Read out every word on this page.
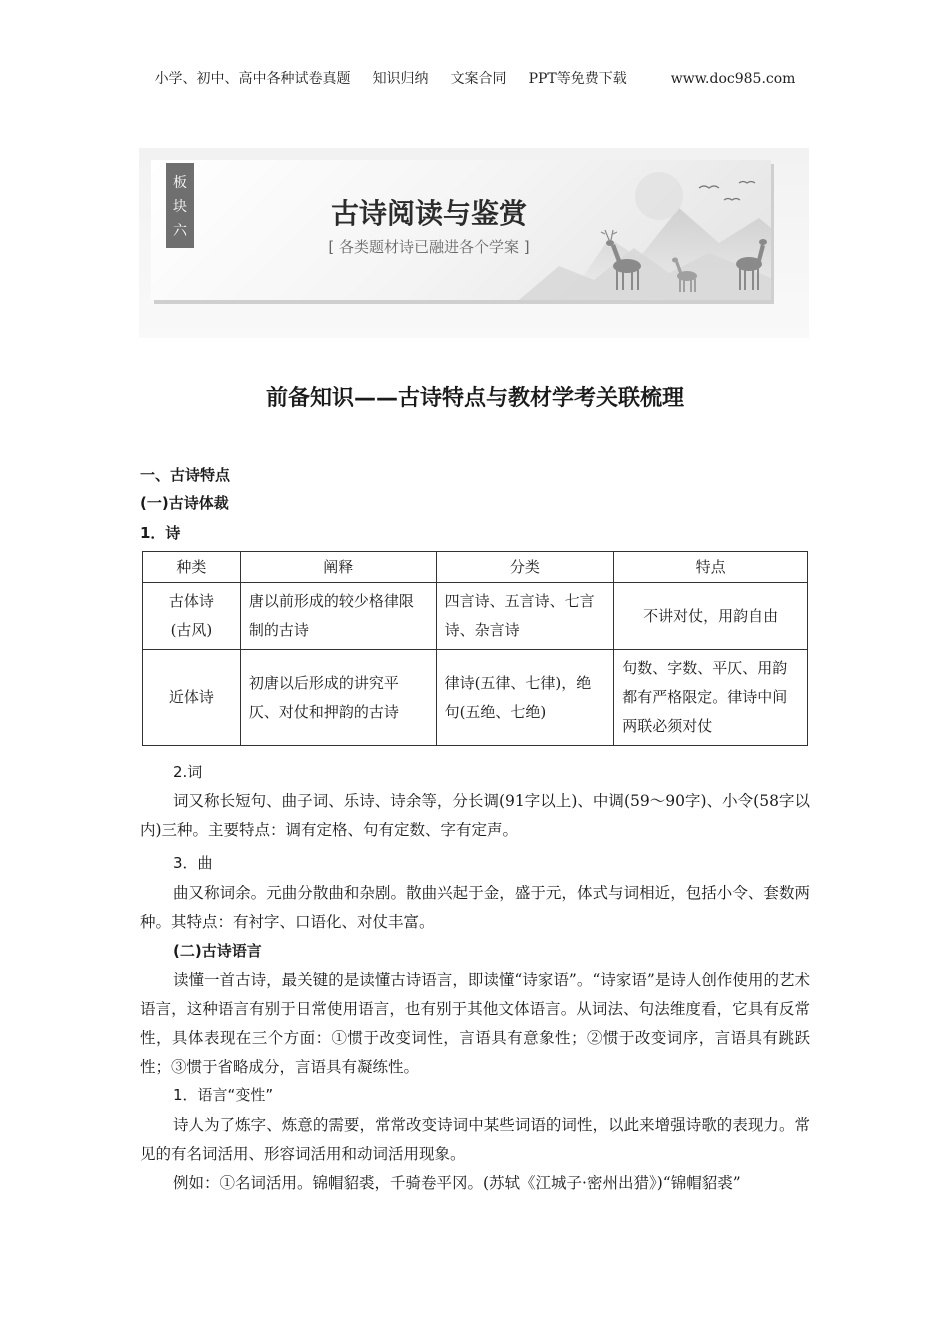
小学、初中、高中各种试卷真题 知识归纳 文案合同 PPT等免费下载	www.doc985.com
板
块
六
古诗阅读与鉴赏
[ 各类题材诗已融进各个学案 ]
前备知识——古诗特点与教材学考关联梳理
一、古诗特点
(一)古诗体裁
1．诗
种类	阐释	分类	特点
古体诗
(古风)	唐以前形成的较少格律限制的古诗	四言诗、五言诗、七言诗、杂言诗	不讲对仗，用韵自由
近体诗	初唐以后形成的讲究平仄、对仗和押韵的古诗	律诗(五律、七律)，绝句(五绝、七绝)	句数、字数、平仄、用韵都有严格限定。律诗中间两联必须对仗
2.词

词又称长短句、曲子词、乐诗、诗余等，分长调(91字以上)、中调(59～90字)、小令(58字以内)三种。主要特点：调有定格、句有定数、字有定声。

3．曲

曲又称词余。元曲分散曲和杂剧。散曲兴起于金，盛于元，体式与词相近，包括小令、套数两种。其特点：有衬字、口语化、对仗丰富。

(二)古诗语言

读懂一首古诗，最关键的是读懂古诗语言，即读懂“诗家语”。“诗家语”是诗人创作使用的艺术语言，这种语言有别于日常使用语言，也有别于其他文体语言。从词法、句法维度看，它具有反常性，具体表现在三个方面：①惯于改变词性，言语具有意象性；②惯于改变词序，言语具有跳跃性；③惯于省略成分，言语具有凝练性。

1．语言“变性”

诗人为了炼字、炼意的需要，常常改变诗词中某些词语的词性，以此来增强诗歌的表现力。常见的有名词活用、形容词活用和动词活用现象。

例如：①名词活用。锦帽貂裘，千骑卷平冈。(苏轼《江城子·密州出猎》)“锦帽貂裘”
